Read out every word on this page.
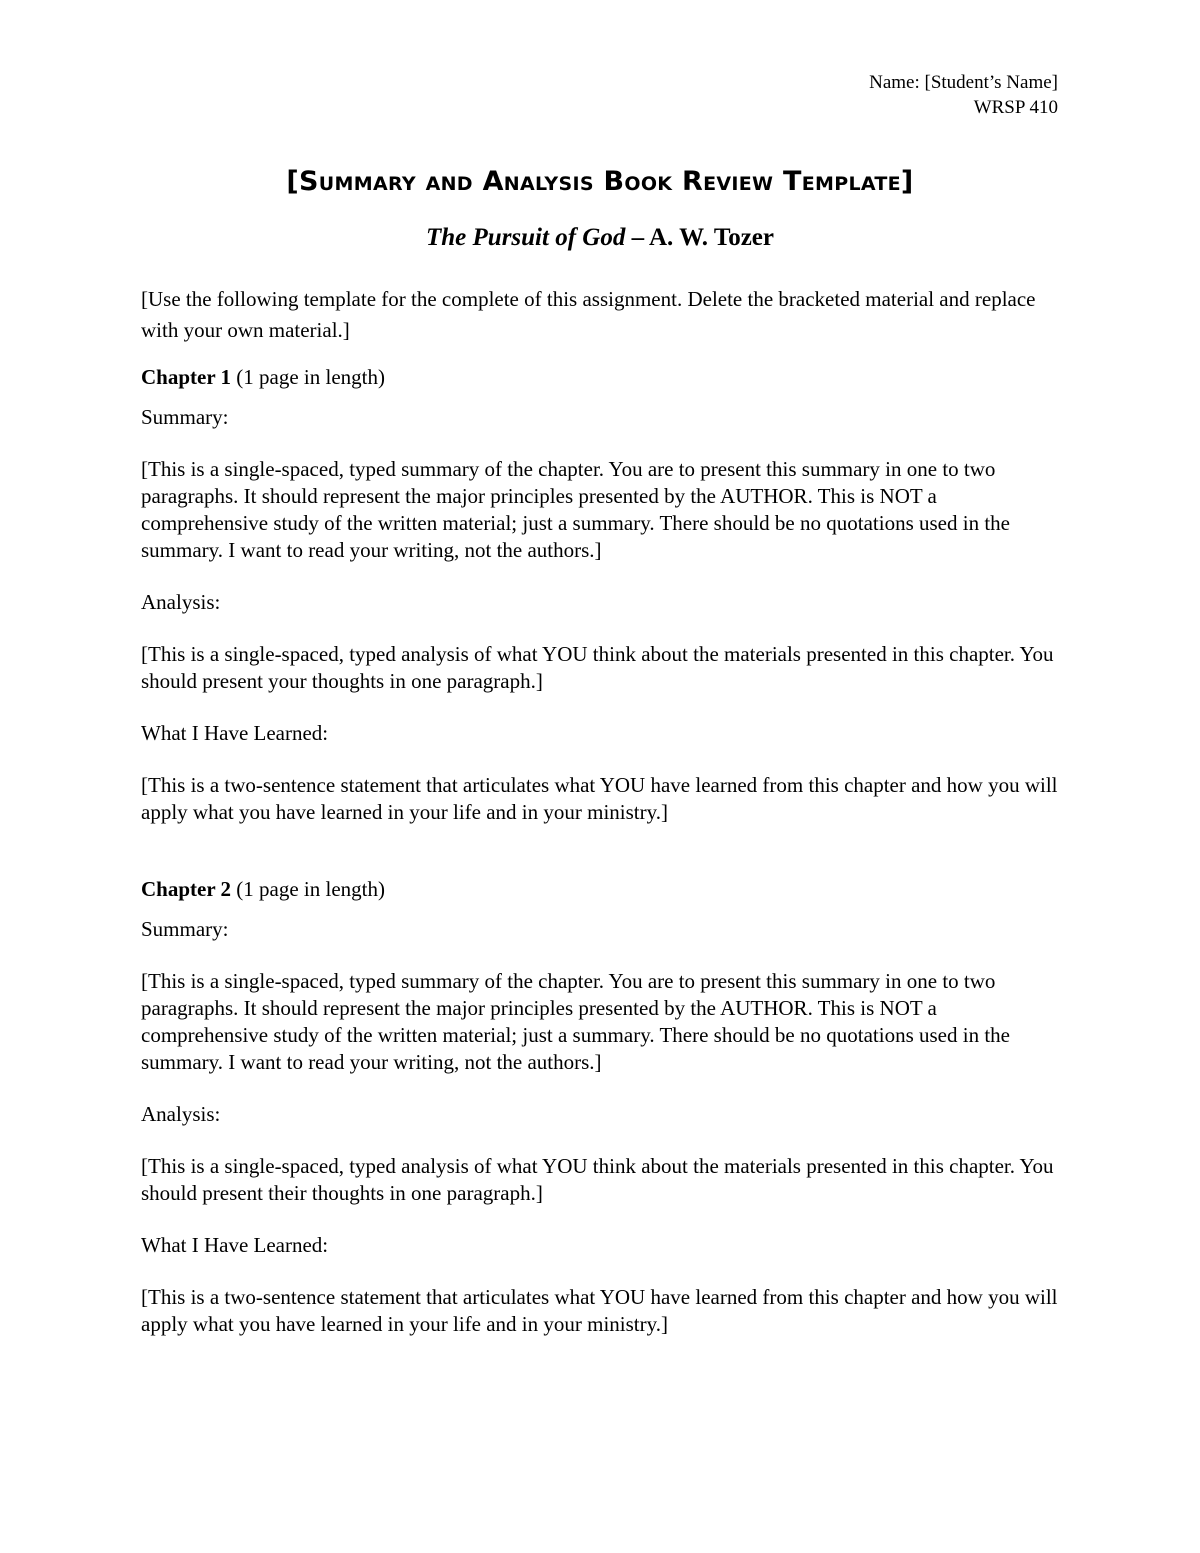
Name: [Student’s Name]
WRSP 410
[Summary and Analysis Book Review Template]
The Pursuit of God – A. W. Tozer

[Use the following template for the complete of this assignment. Delete the bracketed material and replace with your own material.]

Chapter 1 (1 page in length)

Summary:

[This is a single-spaced, typed summary of the chapter. You are to present this summary in one to two paragraphs. It should represent the major principles presented by the AUTHOR. This is NOT a comprehensive study of the written material; just a summary. There should be no quotations used in the summary. I want to read your writing, not the authors.]

Analysis:

[This is a single-spaced, typed analysis of what YOU think about the materials presented in this chapter. You should present your thoughts in one paragraph.]

What I Have Learned:

[This is a two-sentence statement that articulates what YOU have learned from this chapter and how you will apply what you have learned in your life and in your ministry.]

Chapter 2 (1 page in length)

Summary:

[This is a single-spaced, typed summary of the chapter. You are to present this summary in one to two paragraphs. It should represent the major principles presented by the AUTHOR. This is NOT a comprehensive study of the written material; just a summary. There should be no quotations used in the summary. I want to read your writing, not the authors.]

Analysis:

[This is a single-spaced, typed analysis of what YOU think about the materials presented in this chapter. You should present their thoughts in one paragraph.]

What I Have Learned:

[This is a two-sentence statement that articulates what YOU have learned from this chapter and how you will apply what you have learned in your life and in your ministry.]
